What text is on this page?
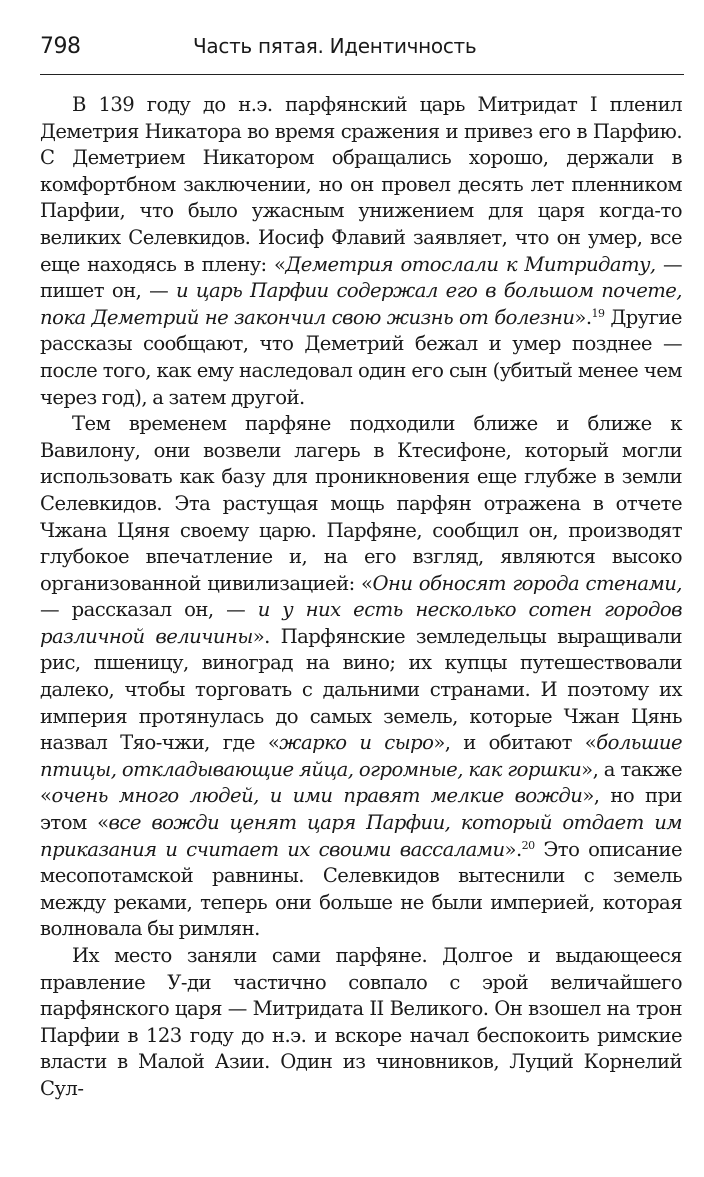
798	Часть пятая. Идентичность

В 139 году до н.э. парфянский царь Митридат I пленил Деметрия Никатора во время сражения и привез его в Парфию. С Деметрием Никатором обращались хорошо, держали в комфортбном заключении, но он провел десять лет пленником Парфии, что было ужасным унижением для царя когда-то великих Селевкидов. Иосиф Флавий заявляет, что он умер, все еще находясь в плену: «Деметрия отослали к Митридату, — пишет он, — и царь Парфии содержал его в большом почете, пока Деметрий не закончил свою жизнь от болезни».$^{19}$ Другие рассказы сообщают, что Деметрий бежал и умер позднее — после того, как ему наследовал один его сын (убитый менее чем через год), а затем другой.

Тем временем парфяне подходили ближе и ближе к Вавилону, они возвели лагерь в Ктесифоне, который могли использовать как базу для проникновения еще глубже в земли Селевкидов. Эта растущая мощь парфян отражена в отчете Чжана Цяня своему царю. Парфяне, сообщил он, производят глубокое впечатление и, на его взгляд, являются высоко организованной цивилизацией: «Они обносят города стенами, — рассказал он, — и у них есть несколько сотен городов различной величины». Парфянские земледельцы выращивали рис, пшеницу, виноград на вино; их купцы путешествовали далеко, чтобы торговать с дальними странами. И поэтому их империя протянулась до самых земель, которые Чжан Цянь назвал Тяо-чжи, где «жарко и сыро», и обитают «большие птицы, откладывающие яйца, огромные, как горшки», а также «очень много людей, и ими правят мелкие вожди», но при этом «все вожди ценят царя Парфии, который отдает им приказания и считает их своими вассалами».$^{20}$ Это описание месопотамской равнины. Селевкидов вытеснили с земель между реками, теперь они больше не были империей, которая волновала бы римлян.

Их место заняли сами парфяне. Долгое и выдающееся правление У-ди частично совпало с эрой величайшего парфянского царя — Митридата II Великого. Он взошел на трон Парфии в 123 году до н.э. и вскоре начал беспокоить римские власти в Малой Азии. Один из чиновников, Луций Корнелий Сул-
